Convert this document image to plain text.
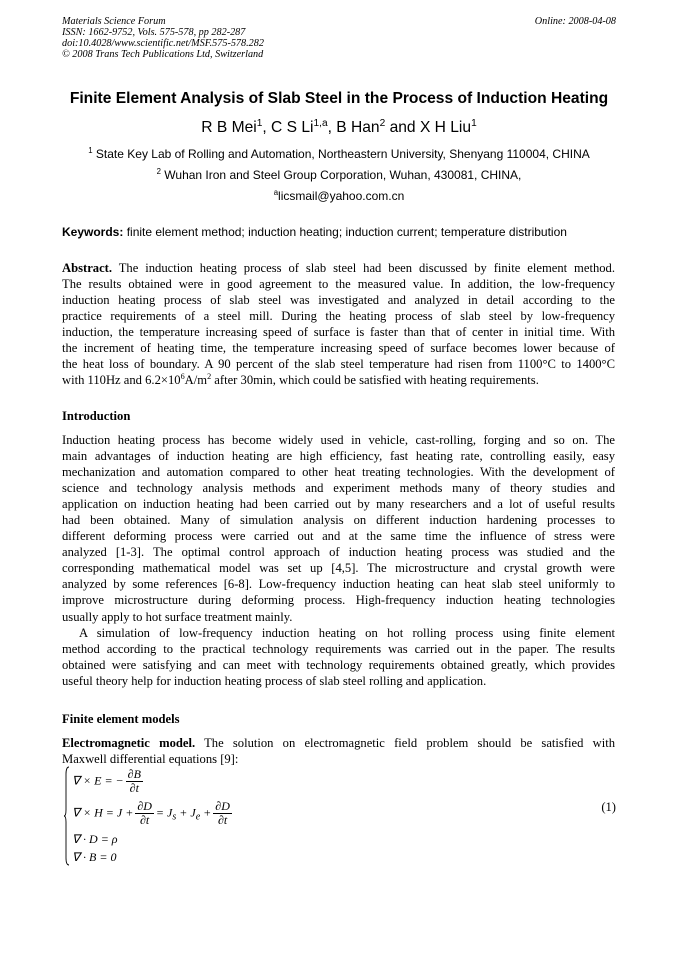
Materials Science Forum
ISSN: 1662-9752, Vols. 575-578, pp 282-287
doi:10.4028/www.scientific.net/MSF.575-578.282
© 2008 Trans Tech Publications Ltd, Switzerland
Online: 2008-04-08
Finite Element Analysis of Slab Steel in the Process of Induction Heating
R B Mei$^1$, C S Li$^{1,a}$, B Han$^2$ and X H Liu$^1$
$^1$ State Key Lab of Rolling and Automation, Northeastern University, Shenyang 110004, CHINA
$^2$ Wuhan Iron and Steel Group Corporation, Wuhan, 430081, CHINA,
$^a$licsmail@yahoo.com.cn
Keywords: finite element method; induction heating; induction current; temperature distribution
Abstract. The induction heating process of slab steel had been discussed by finite element method.
The results obtained were in good agreement to the measured value. In addition, the low-frequency
induction heating process of slab steel was investigated and analyzed in detail according to the
practice requirements of a steel mill. During the heating process of slab steel by low-frequency
induction, the temperature increasing speed of surface is faster than that of center in initial time. With
the increment of heating time, the temperature increasing speed of surface becomes lower because of
the heat loss of boundary. A 90 percent of the slab steel temperature had risen from 1100°C to 1400°C
with 110Hz and $6.2\times 10^6A/m^2$ after 30min, which could be satisfied with heating requirements.
Introduction
Induction heating process has become widely used in vehicle, cast-rolling, forging and so on. The
main advantages of induction heating are high efficiency, fast heating rate, controlling easily, easy
mechanization and automation compared to other heat treating technologies. With the development of
science and technology analysis methods and experiment methods many of theory studies and
application on induction heating had been carried out by many researchers and a lot of useful results
had been obtained. Many of simulation analysis on different induction hardening processes to
different deforming process were carried out and at the same time the influence of stress were
analyzed [1-3]. The optimal control approach of induction heating process was studied and the
corresponding mathematical model was set up [4,5]. The microstructure and crystal growth were
analyzed by some references [6-8]. Low-frequency induction heating can heat slab steel uniformly to
improve microstructure during deforming process. High-frequency induction heating technologies
usually apply to hot surface treatment mainly.
A simulation of low-frequency induction heating on hot rolling process using finite element
method according to the practical technology requirements was carried out in the paper. The results
obtained were satisfying and can meet with technology requirements obtained greatly, which provides
useful theory help for induction heating process of slab steel rolling and application.
Finite element models
Electromagnetic model. The solution on electromagnetic field problem should be satisfied with
Maxwell differential equations [9]:
∇ × E = − $\frac{\partial B}{\partial t}$
∇ × $H = J + \frac{\partial D}{\partial t} = J_s + J_e + \frac{\partial D}{\partial t}$
∇ · D = ρ
∇ · B = 0
(1)
